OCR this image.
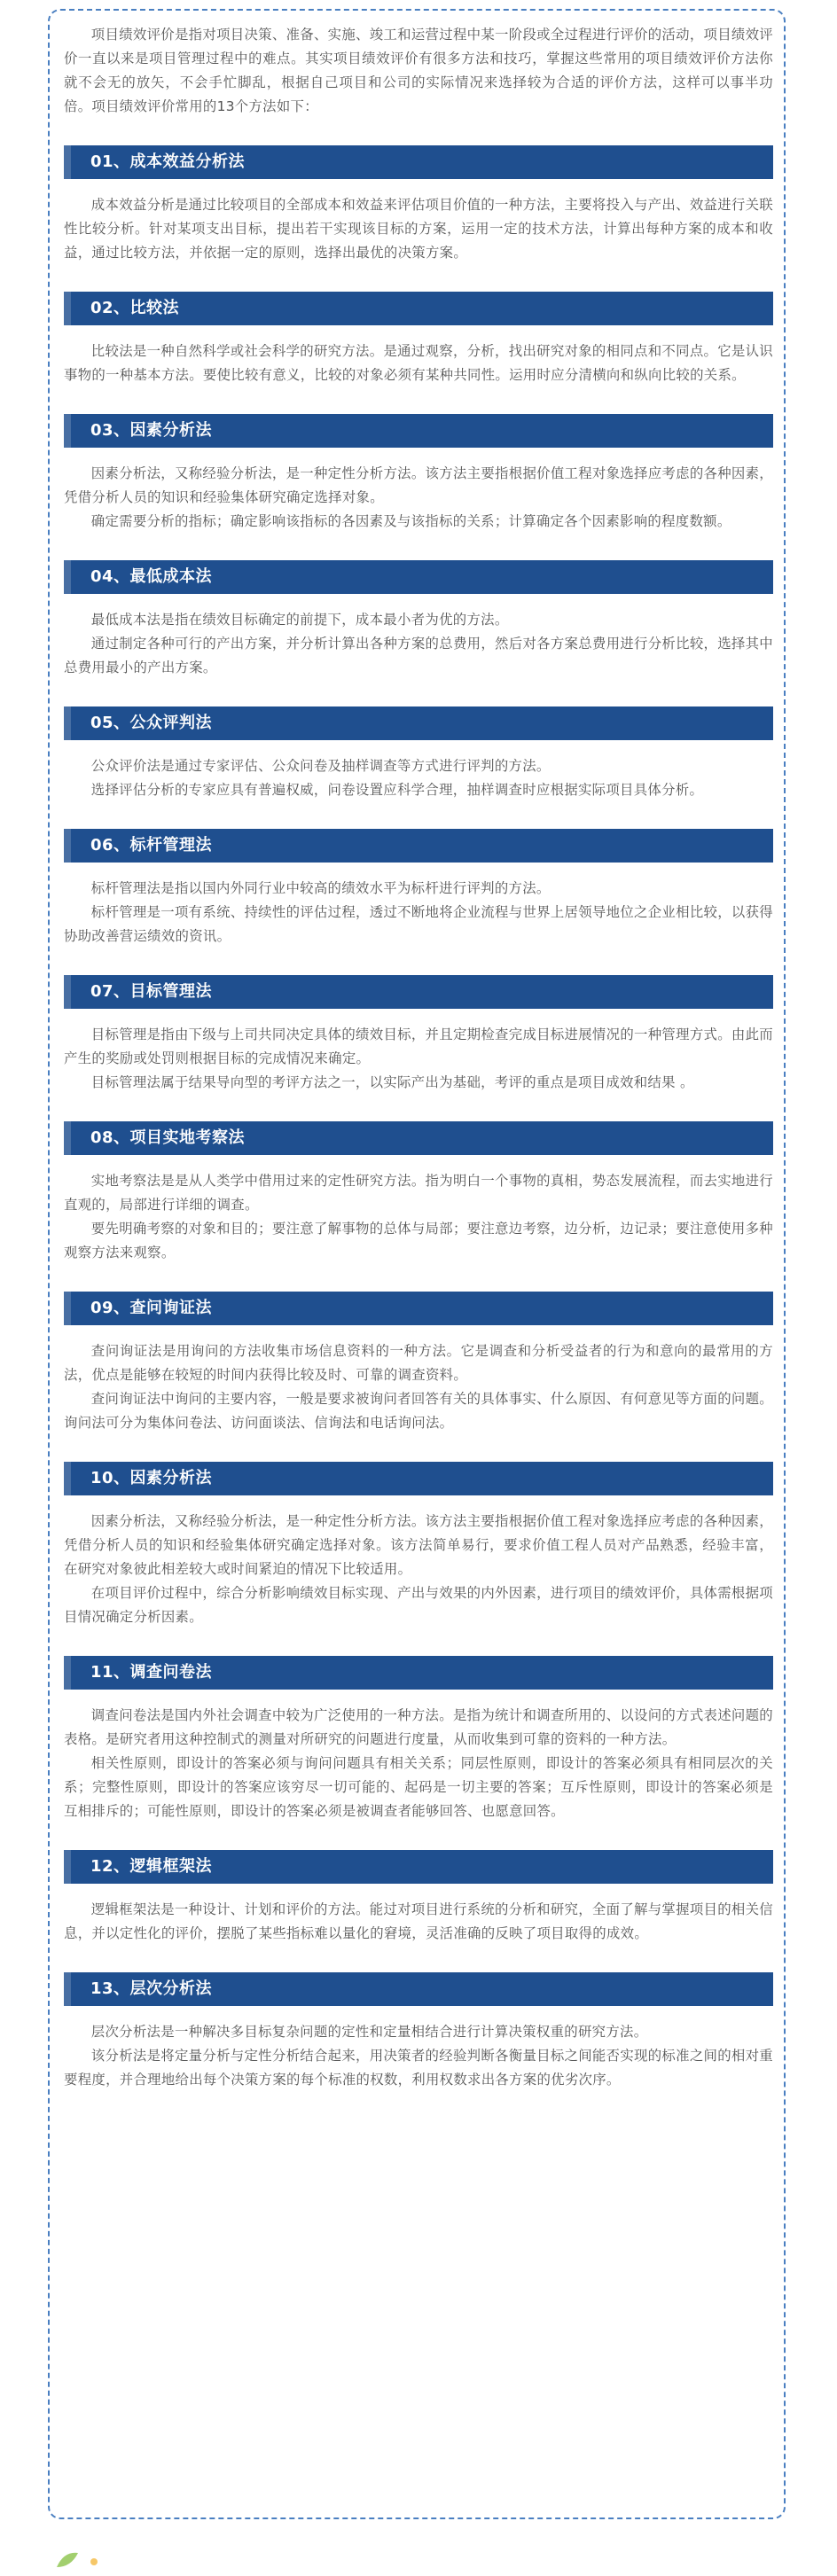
项目绩效评价是指对项目决策、准备、实施、竣工和运营过程中某一阶段或全过程进行评价的活动，项目绩效评价一直以来是项目管理过程中的难点。其实项目绩效评价有很多方法和技巧，掌握这些常用的项目绩效评价方法你就不会无的放矢，不会手忙脚乱，根据自己项目和公司的实际情况来选择较为合适的评价方法，这样可以事半功倍。项目绩效评价常用的13个方法如下：

01、成本效益分析法

成本效益分析是通过比较项目的全部成本和效益来评估项目价值的一种方法，主要将投入与产出、效益进行关联性比较分析。针对某项支出目标，提出若干实现该目标的方案，运用一定的技术方法，计算出每种方案的成本和收益，通过比较方法，并依据一定的原则，选择出最优的决策方案。

02、比较法

比较法是一种自然科学或社会科学的研究方法。是通过观察，分析，找出研究对象的相同点和不同点。它是认识事物的一种基本方法。要使比较有意义，比较的对象必须有某种共同性。运用时应分清横向和纵向比较的关系。

03、因素分析法

因素分析法，又称经验分析法，是一种定性分析方法。该方法主要指根据价值工程对象选择应考虑的各种因素，凭借分析人员的知识和经验集体研究确定选择对象。

确定需要分析的指标；确定影响该指标的各因素及与该指标的关系；计算确定各个因素影响的程度数额。

04、最低成本法

最低成本法是指在绩效目标确定的前提下，成本最小者为优的方法。

通过制定各种可行的产出方案，并分析计算出各种方案的总费用，然后对各方案总费用进行分析比较，选择其中总费用最小的产出方案。

05、公众评判法

公众评价法是通过专家评估、公众问卷及抽样调查等方式进行评判的方法。

选择评估分析的专家应具有普遍权威，问卷设置应科学合理，抽样调查时应根据实际项目具体分析。

06、标杆管理法

标杆管理法是指以国内外同行业中较高的绩效水平为标杆进行评判的方法。

标杆管理是一项有系统、持续性的评估过程，透过不断地将企业流程与世界上居领导地位之企业相比较，以获得协助改善营运绩效的资讯。

07、目标管理法

目标管理是指由下级与上司共同决定具体的绩效目标，并且定期检查完成目标进展情况的一种管理方式。由此而产生的奖励或处罚则根据目标的完成情况来确定。

目标管理法属于结果导向型的考评方法之一，以实际产出为基础，考评的重点是项目成效和结果 。

08、项目实地考察法

实地考察法是是从人类学中借用过来的定性研究方法。指为明白一个事物的真相，势态发展流程，而去实地进行直观的，局部进行详细的调查。

要先明确考察的对象和目的；要注意了解事物的总体与局部；要注意边考察，边分析，边记录；要注意使用多种观察方法来观察。

09、查问询证法

查问询证法是用询问的方法收集市场信息资料的一种方法。它是调查和分析受益者的行为和意向的最常用的方法，优点是能够在较短的时间内获得比较及时、可靠的调查资料。

查问询证法中询问的主要内容，一般是要求被询问者回答有关的具体事实、什么原因、有何意见等方面的问题。询问法可分为集体问卷法、访问面谈法、信询法和电话询问法。

10、因素分析法

因素分析法，又称经验分析法，是一种定性分析方法。该方法主要指根据价值工程对象选择应考虑的各种因素，凭借分析人员的知识和经验集体研究确定选择对象。该方法简单易行，要求价值工程人员对产品熟悉，经验丰富，在研究对象彼此相差较大或时间紧迫的情况下比较适用。

在项目评价过程中，综合分析影响绩效目标实现、产出与效果的内外因素，进行项目的绩效评价，具体需根据项目情况确定分析因素。

11、调查问卷法

调查问卷法是国内外社会调查中较为广泛使用的一种方法。是指为统计和调查所用的、以设问的方式表述问题的表格。是研究者用这种控制式的测量对所研究的问题进行度量，从而收集到可靠的资料的一种方法。

相关性原则，即设计的答案必须与询问问题具有相关关系；同层性原则，即设计的答案必须具有相同层次的关系；完整性原则，即设计的答案应该穷尽一切可能的、起码是一切主要的答案；互斥性原则，即设计的答案必须是互相排斥的；可能性原则，即设计的答案必须是被调查者能够回答、也愿意回答。

12、逻辑框架法

逻辑框架法是一种设计、计划和评价的方法。能过对项目进行系统的分析和研究，全面了解与掌握项目的相关信息，并以定性化的评价，摆脱了某些指标难以量化的窘境，灵活准确的反映了项目取得的成效。

13、层次分析法

层次分析法是一种解决多目标复杂问题的定性和定量相结合进行计算决策权重的研究方法。

该分析法是将定量分析与定性分析结合起来，用决策者的经验判断各衡量目标之间能否实现的标准之间的相对重要程度，并合理地给出每个决策方案的每个标准的权数，利用权数求出各方案的优劣次序。
